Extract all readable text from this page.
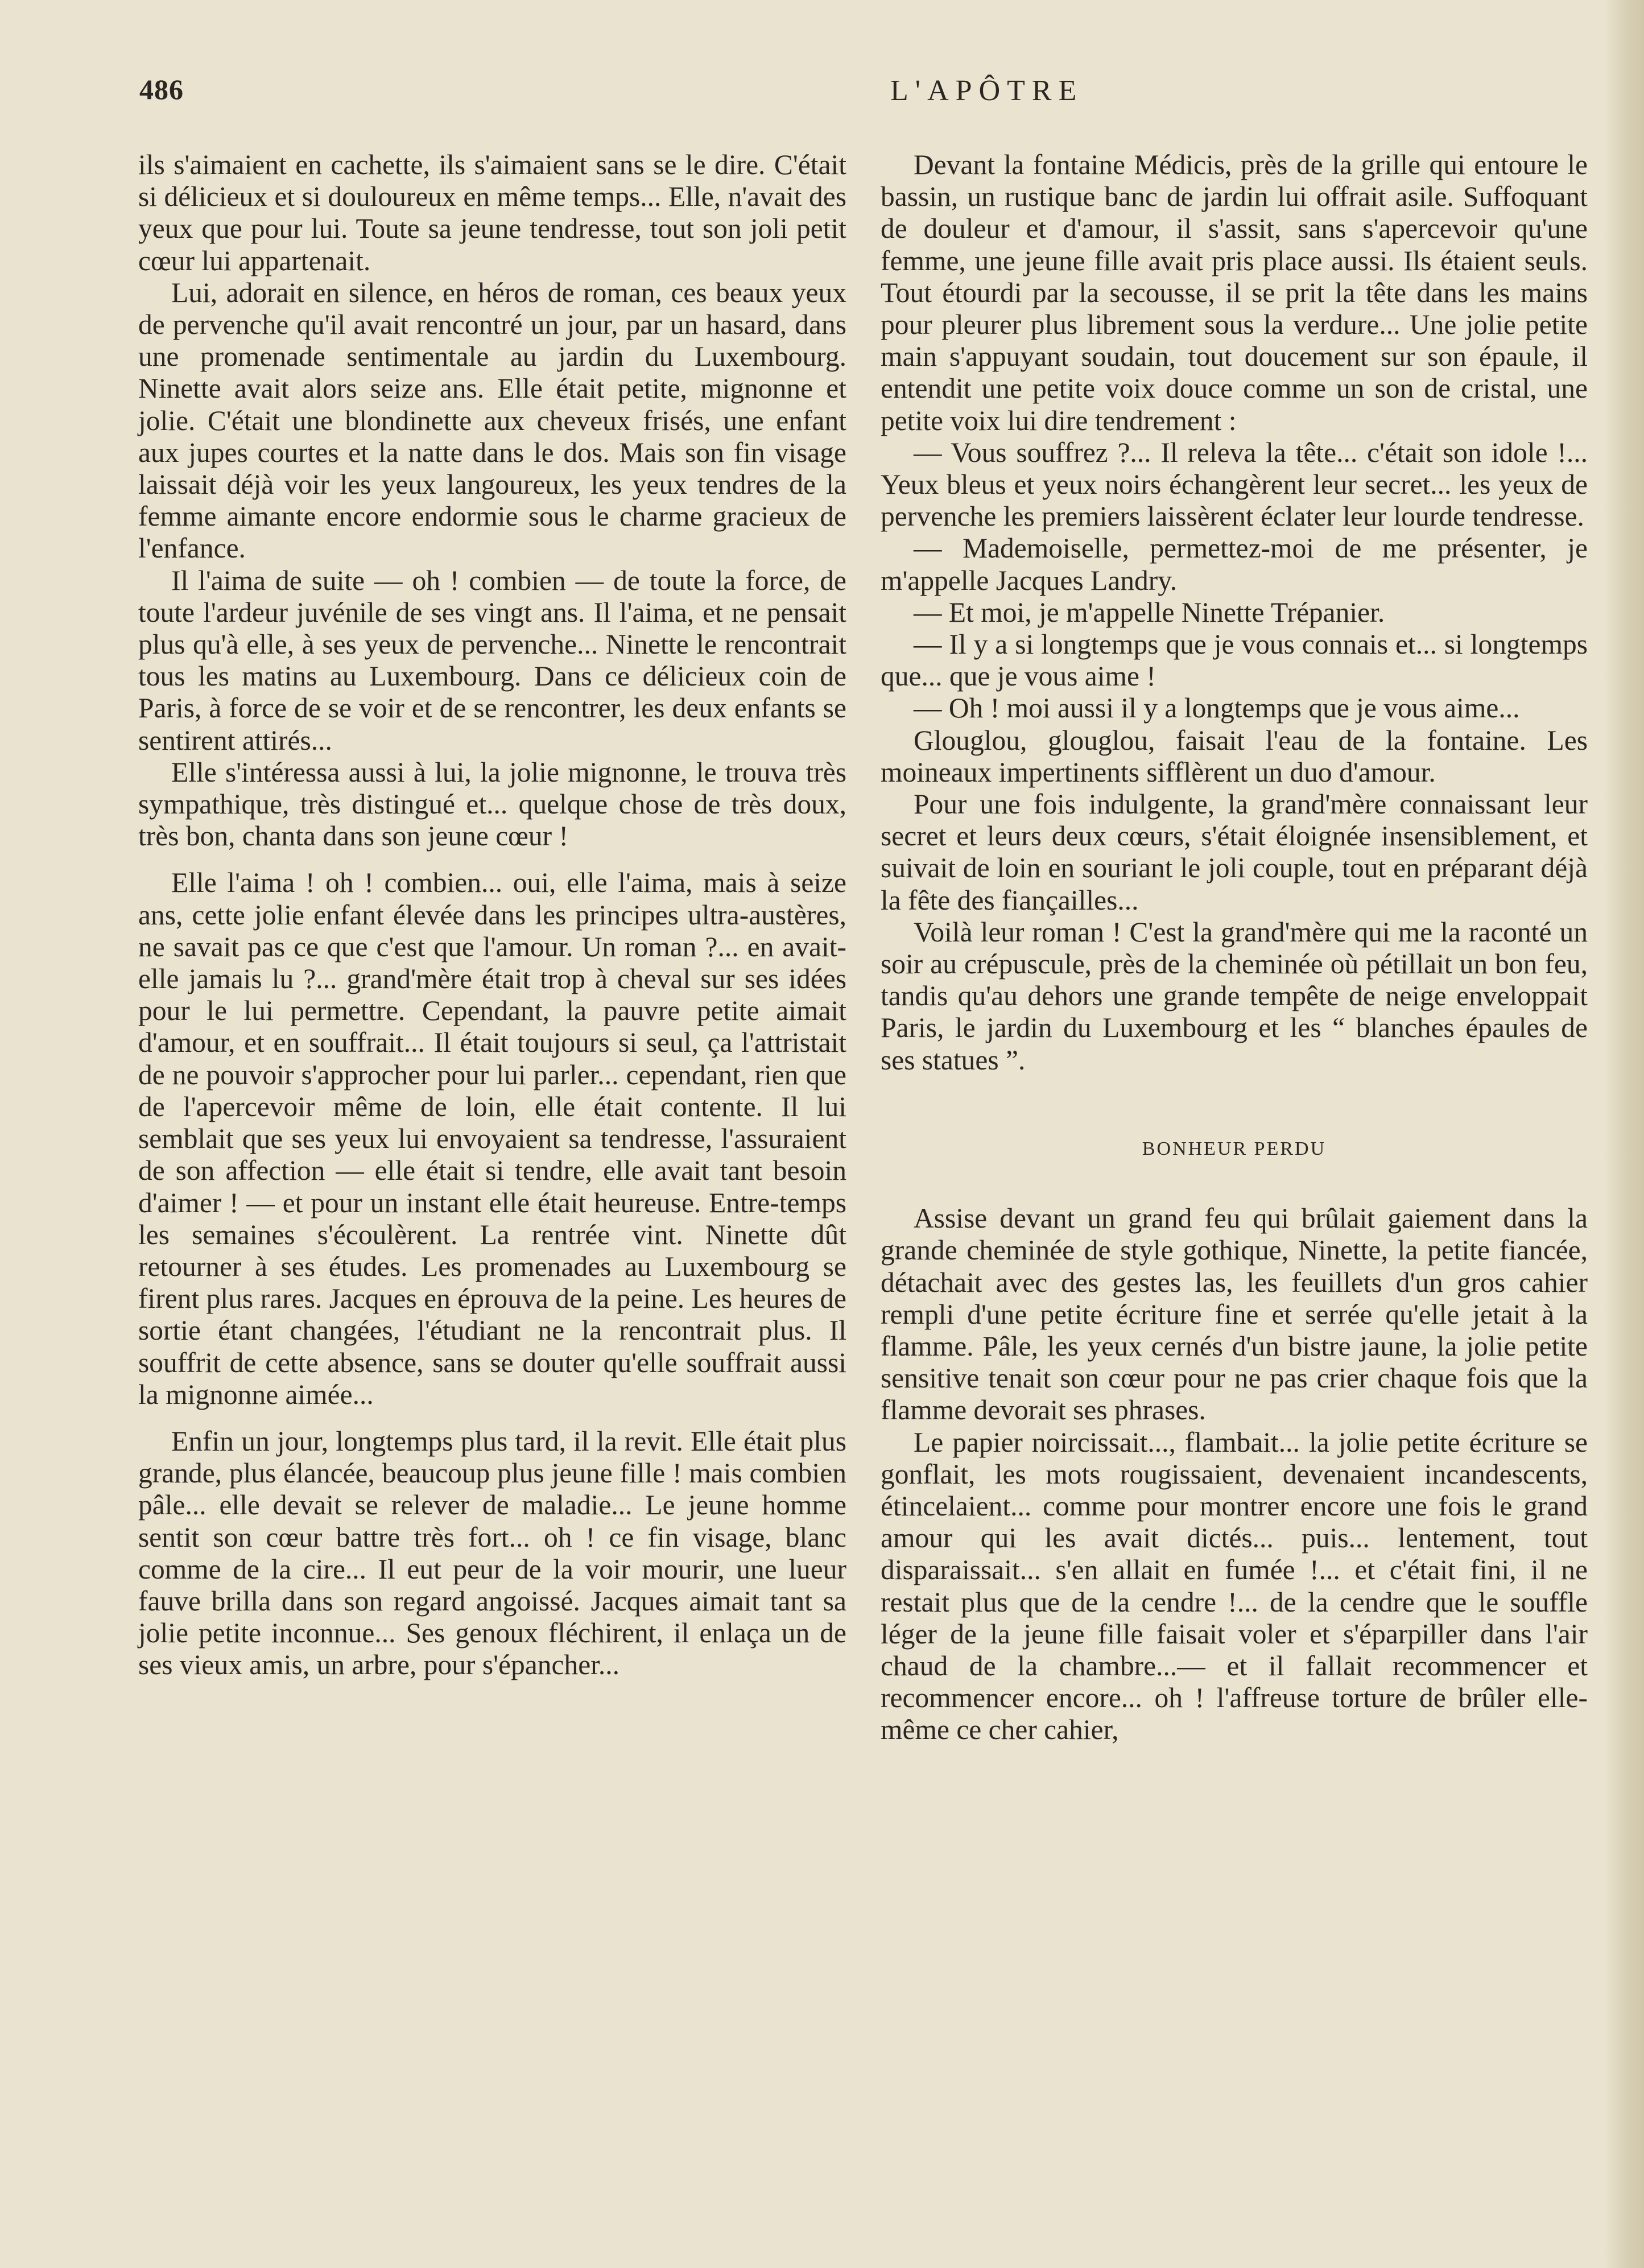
486	L'APÔTRE

ils s'aimaient en cachette, ils s'aimaient sans se le dire. C'était si délicieux et si douloureux en même temps... Elle, n'avait des yeux que pour lui. Toute sa jeune tendresse, tout son joli petit cœur lui appartenait.

Lui, adorait en silence, en héros de roman, ces beaux yeux de pervenche qu'il avait rencontré un jour, par un hasard, dans une promenade sentimentale au jardin du Luxembourg. Ninette avait alors seize ans. Elle était petite, mignonne et jolie. C'était une blondinette aux cheveux frisés, une enfant aux jupes courtes et la natte dans le dos. Mais son fin visage laissait déjà voir les yeux langoureux, les yeux tendres de la femme aimante encore endormie sous le charme gracieux de l'enfance.

Il l'aima de suite — oh ! combien — de toute la force, de toute l'ardeur juvénile de ses vingt ans. Il l'aima, et ne pensait plus qu'à elle, à ses yeux de pervenche... Ninette le rencontrait tous les matins au Luxembourg. Dans ce délicieux coin de Paris, à force de se voir et de se rencontrer, les deux enfants se sentirent attirés...

Elle s'intéressa aussi à lui, la jolie mignonne, le trouva très sympathique, très distingué et... quelque chose de très doux, très bon, chanta dans son jeune cœur !

Elle l'aima ! oh ! combien... oui, elle l'aima, mais à seize ans, cette jolie enfant élevée dans les principes ultra-austères, ne savait pas ce que c'est que l'amour. Un roman ?... en avait-elle jamais lu ?... grand'mère était trop à cheval sur ses idées pour le lui permettre. Cependant, la pauvre petite aimait d'amour, et en souffrait... Il était toujours si seul, ça l'attristait de ne pouvoir s'approcher pour lui parler... cependant, rien que de l'apercevoir même de loin, elle était contente. Il lui semblait que ses yeux lui envoyaient sa tendresse, l'assuraient de son affection — elle était si tendre, elle avait tant besoin d'aimer ! — et pour un instant elle était heureuse. Entre-temps les semaines s'écoulèrent. La rentrée vint. Ninette dût retourner à ses études. Les promenades au Luxembourg se firent plus rares. Jacques en éprouva de la peine. Les heures de sortie étant changées, l'étudiant ne la rencontrait plus. Il souffrit de cette absence, sans se douter qu'elle souffrait aussi la mignonne aimée...

Enfin un jour, longtemps plus tard, il la revit. Elle était plus grande, plus élancée, beaucoup plus jeune fille ! mais combien pâle... elle devait se relever de maladie... Le jeune homme sentit son cœur battre très fort... oh ! ce fin visage, blanc comme de la cire... Il eut peur de la voir mourir, une lueur fauve brilla dans son regard angoissé. Jacques aimait tant sa jolie petite inconnue... Ses genoux fléchirent, il enlaça un de ses vieux amis, un arbre, pour s'épancher...

Devant la fontaine Médicis, près de la grille qui entoure le bassin, un rustique banc de jardin lui offrait asile. Suffoquant de douleur et d'amour, il s'assit, sans s'apercevoir qu'une femme, une jeune fille avait pris place aussi. Ils étaient seuls. Tout étourdi par la secousse, il se prit la tête dans les mains pour pleurer plus librement sous la verdure... Une jolie petite main s'appuyant soudain, tout doucement sur son épaule, il entendit une petite voix douce comme un son de cristal, une petite voix lui dire tendrement :

— Vous souffrez ?... Il releva la tête... c'était son idole !... Yeux bleus et yeux noirs échangèrent leur secret... les yeux de pervenche les premiers laissèrent éclater leur lourde tendresse.

— Mademoiselle, permettez-moi de me présenter, je m'appelle Jacques Landry.

— Et moi, je m'appelle Ninette Trépanier.

— Il y a si longtemps que je vous connais et... si longtemps que... que je vous aime !

— Oh ! moi aussi il y a longtemps que je vous aime...

Glouglou, glouglou, faisait l'eau de la fontaine. Les moineaux impertinents sifflèrent un duo d'amour.

Pour une fois indulgente, la grand'mère connaissant leur secret et leurs deux cœurs, s'était éloignée insensiblement, et suivait de loin en souriant le joli couple, tout en préparant déjà la fête des fiançailles...

Voilà leur roman ! C'est la grand'mère qui me la raconté un soir au crépuscule, près de la cheminée où pétillait un bon feu, tandis qu'au dehors une grande tempête de neige enveloppait Paris, le jardin du Luxembourg et les “ blanches épaules de ses statues ”.

BONHEUR PERDU

Assise devant un grand feu qui brûlait gaiement dans la grande cheminée de style gothique, Ninette, la petite fiancée, détachait avec des gestes las, les feuillets d'un gros cahier rempli d'une petite écriture fine et serrée qu'elle jetait à la flamme. Pâle, les yeux cernés d'un bistre jaune, la jolie petite sensitive tenait son cœur pour ne pas crier chaque fois que la flamme devorait ses phrases.

Le papier noircissait..., flambait... la jolie petite écriture se gonflait, les mots rougissaient, devenaient incandescents, étincelaient... comme pour montrer encore une fois le grand amour qui les avait dictés... puis... lentement, tout disparaissait... s'en allait en fumée !... et c'était fini, il ne restait plus que de la cendre !... de la cendre que le souffle léger de la jeune fille faisait voler et s'éparpiller dans l'air chaud de la chambre...— et il fallait recommencer et recommencer encore... oh ! l'affreuse torture de brûler elle-même ce cher cahier,
